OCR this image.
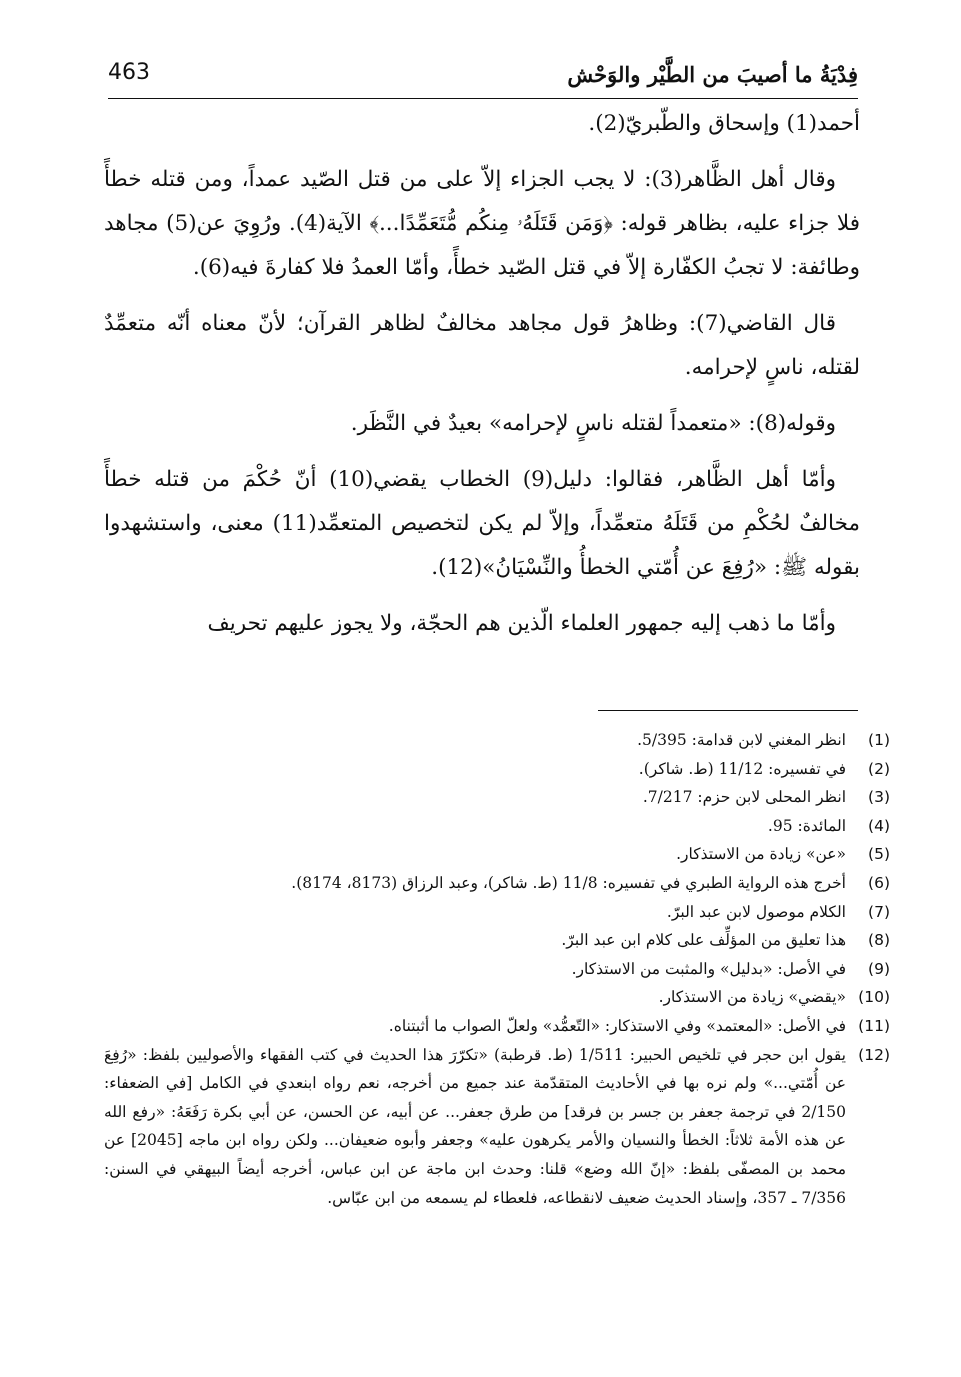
463	فِدْيَةُ ما أصيبَ من الطَّيْر والوَحْش

أحمد(1) وإسحاق والطّبريّ(2).

وقال أهل الظَّاهر(3): لا يجب الجزاء إلاّ على من قتل الصّيد عمداً، ومن قتله خطأً فلا جزاء عليه، بظاهر قوله: ﴿وَمَن قَتَلَهُۥ مِنكُم مُّتَعَمِّدًا...﴾ الآية(4). ورُوِيَ عن(5) مجاهد وطائفة: لا تجبُ الكفّارة إلاّ في قتل الصّيد خطأً، وأمّا العمدُ فلا كفارةَ فيه(6).

قال القاضي(7): وظاهرُ قول مجاهد مخالفٌ لظاهر القرآن؛ لأنّ معناه أنّه متعمِّدٌ لقتله، ناسٍ لإحرامه.

وقوله(8): «متعمداً لقتله ناسٍ لإحرامه» بعيدٌ في النَّظَر.

وأمّا أهل الظَّاهر، فقالوا: دليل(9) الخطاب يقضي(10) أنّ حُكْمَ من قتله خطأً مخالفٌ لحُكْمِ من قَتَلَهُ متعمِّداً، وإلاّ لم يكن لتخصيص المتعمِّد(11) معنى، واستشهدوا بقوله ﷺ: «رُفِعَ عن أُمّتي الخطأُ والنِّسْيَانُ»(12).

وأمّا ما ذهب إليه جمهور العلماء الّذين هم الحجّة، ولا يجوز عليهم تحريف

(1)
انظر المغني لابن قدامة: 5/395.
(2)
في تفسيره: 11/12 (ط. شاكر).
(3)
انظر المحلى لابن حزم: 7/217.
(4)
المائدة: 95.
(5)
«عن» زيادة من الاستذكار.
(6)
أخرج هذه الرواية الطبري في تفسيره: 11/8 (ط. شاكر)، وعبد الرزاق (8173، 8174).
(7)
الكلام موصول لابن عبد البرّ.
(8)
هذا تعليق من المؤلِّف على كلام ابن عبد البرّ.
(9)
في الأصل: «بدليل» والمثبت من الاستذكار.
(10)
«يقضي» زيادة من الاستذكار.
(11)
في الأصل: «المعتمد» وفي الاستذكار: «التّعمُّد» ولعلّ الصواب ما أثبتناه.
(12)
يقول ابن حجر في تلخيص الحبير: 1/511 (ط. قرطبة) «تكرّرَ هذا الحديث في كتب الفقهاء والأصوليين بلفظ: «رُفِعَ عن أُمّتي...» ولم نره بها في الأحاديث المتقدّمة عند جميع من أخرجه، نعم رواه ابنعدي في الكامل [في الضعفاء: 2/150 في ترجمة جعفر بن جسر بن فرقد] من طرق جعفر... عن أبيه، عن الحسن، عن أبي بكرة رَفَعَهُ: «رفع الله عن هذه الأمة ثلاثاً: الخطأ والنسيان والأمر يكرهون عليه» وجعفر وأبوه ضعيفان... ولكن رواه ابن ماجه [2045] عن محمد بن المصفّى بلفظ: «إنّ الله وضع» قلنا: وحدث ابن ماجة عن ابن عباس، أخرجه أيضاً البيهقي في السنن: 7/356 ـ 357، وإسناد الحديث ضعيف لانقطاعه، فلعطاء لم يسمعه من ابن عبّاس.
